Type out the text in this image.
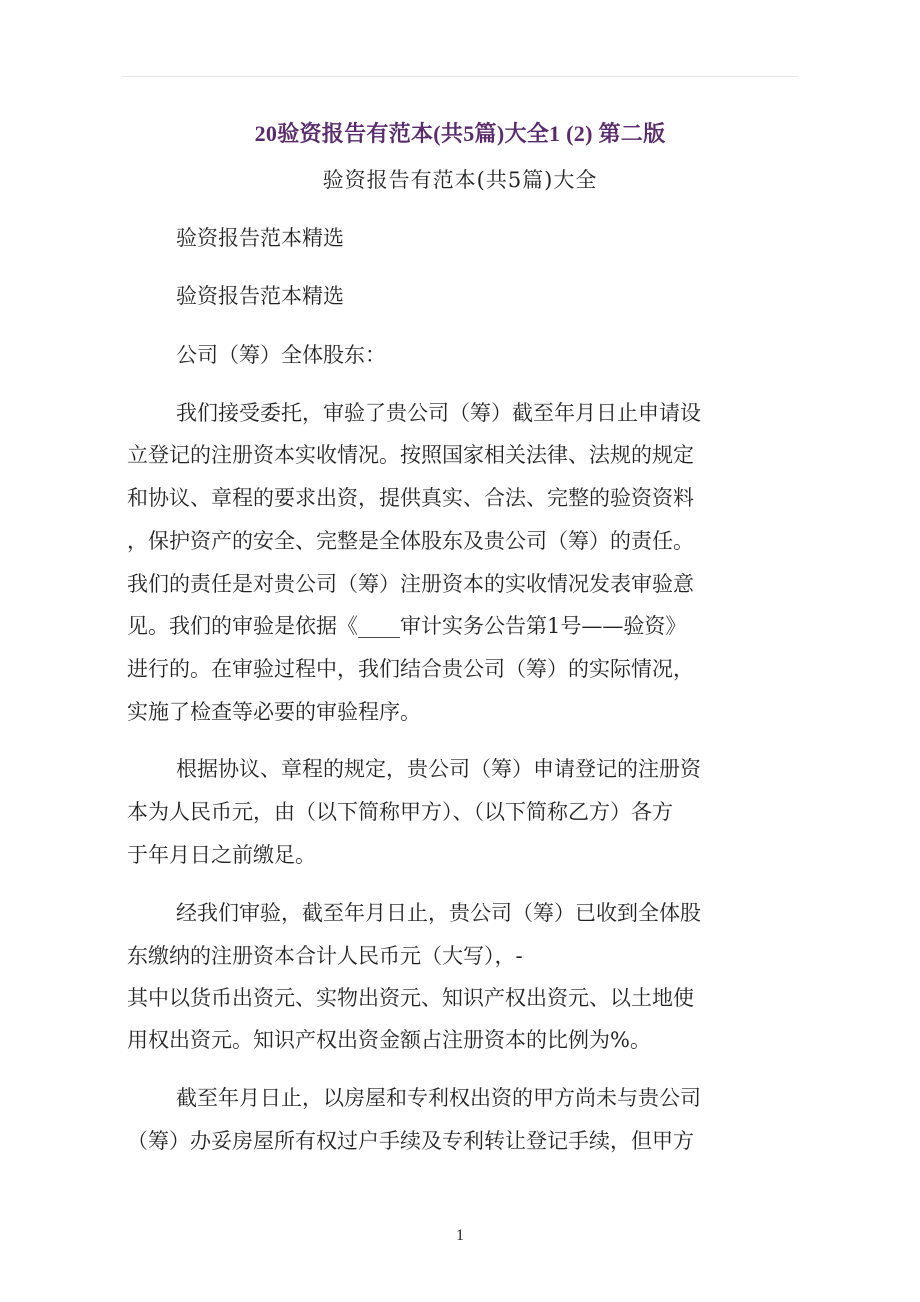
20验资报告有范本(共5篇)大全1 (2) 第二版
验资报告有范本(共5篇)大全
验资报告范本精选
验资报告范本精选
公司（筹）全体股东：
我们接受委托，审验了贵公司（筹）截至年月日止申请设
立登记的注册资本实收情况。按照国家相关法律、法规的规定
和协议、章程的要求出资，提供真实、合法、完整的验资资料
，保护资产的安全、完整是全体股东及贵公司（筹）的责任。
我们的责任是对贵公司（筹）注册资本的实收情况发表审验意
见。我们的审验是依据《____审计实务公告第1号——验资》
进行的。在审验过程中，我们结合贵公司（筹）的实际情况，
实施了检查等必要的审验程序。
根据协议、章程的规定，贵公司（筹）申请登记的注册资
本为人民币元，由（以下简称甲方）、（以下简称乙方）各方
于年月日之前缴足。
经我们审验，截至年月日止，贵公司（筹）已收到全体股
东缴纳的注册资本合计人民币元（大写），-
其中以货币出资元、实物出资元、知识产权出资元、以土地使
用权出资元。知识产权出资金额占注册资本的比例为%。
截至年月日止，以房屋和专利权出资的甲方尚未与贵公司
（筹）办妥房屋所有权过户手续及专利转让登记手续，但甲方
1
